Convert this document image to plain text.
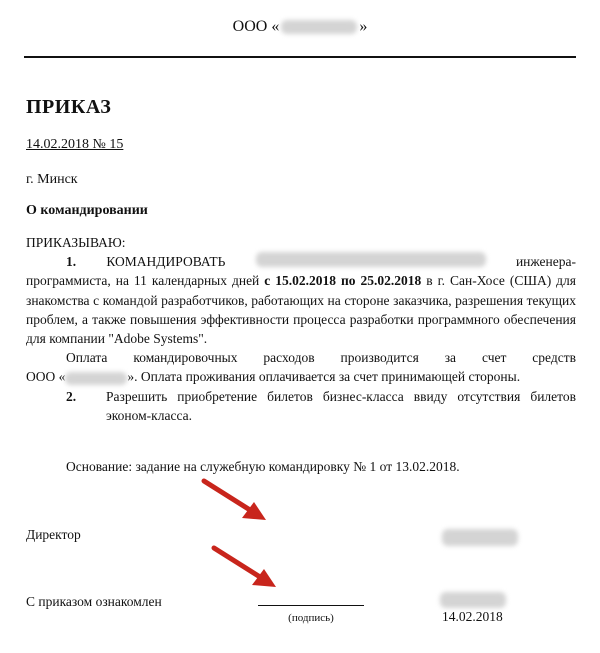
ООО «	»
ПРИКАЗ
14.02.2018 № 15
г. Минск
О командировании

ПРИКАЗЫВАЮ:

1. КОМАНДИРОВАТЬ	инженера-

программиста, на 11 календарных дней с 15.02.2018 по 25.02.2018 в г. Сан-Хосе (США) для знакомства с командой разработчиков, работающих на стороне заказчика, разрешения текущих проблем, а также повышения эффективности процесса разработки программного обеспечения для компании "Adobe Systems".

Оплата командировочных расходов производится за счет средств

ООО «	». Оплата проживания оплачивается за счет принимающей стороны.

2.	Разрешить приобретение билетов бизнес-класса ввиду отсутствия билетов эконом-класса.
Основание: задание на служебную командировку № 1 от 13.02.2018.
Директор
С приказом ознакомлен
(подпись)	14.02.2018
